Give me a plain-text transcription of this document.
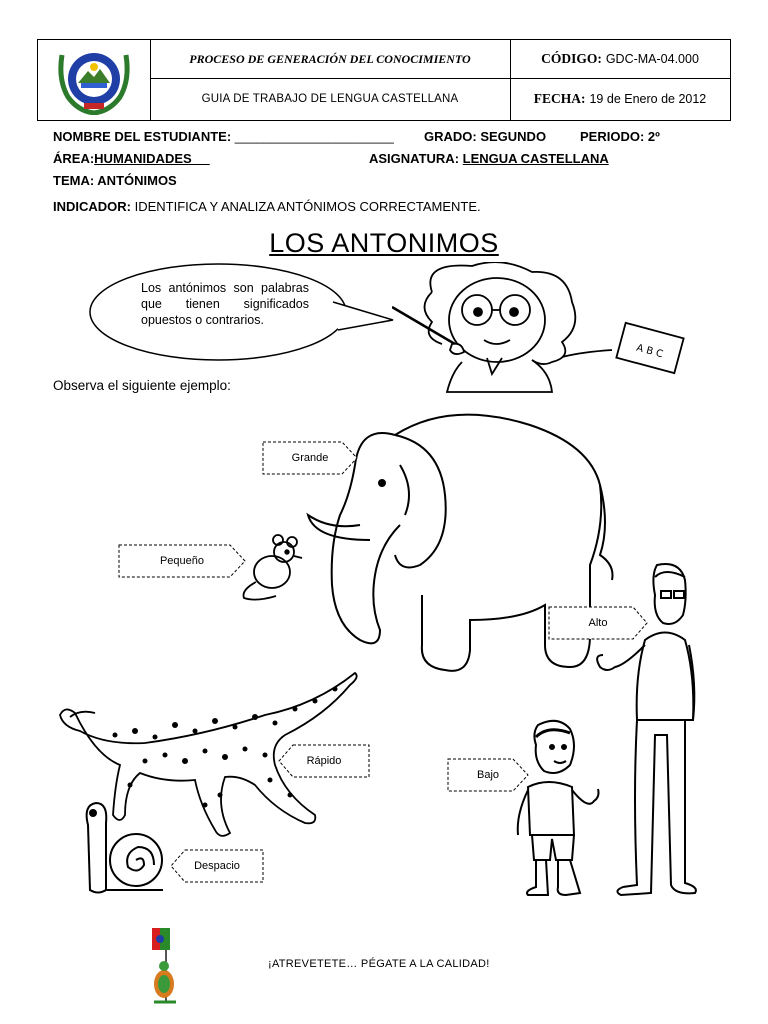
PROCESO DE GENERACIÓN DEL CONOCIMIENTO
GUIA DE TRABAJO DE LENGUA CASTELLANA
CÓDIGO: GDC-MA-04.000
FECHA: 19 de Enero de 2012
NOMBRE DEL ESTUDIANTE: ______________________ GRADO: SEGUNDO	PERIODO: 2º
ÁREA:HUMANIDADES	ASIGNATURA: LENGUA CASTELLANA
TEMA: ANTÓNIMOS
INDICADOR: IDENTIFICA Y ANALIZA ANTÓNIMOS CORRECTAMENTE.
LOS ANTONIMOS
Los antónimos son palabras que tienen significados opuestos o contrarios.
A B C
Observa el siguiente ejemplo:
Grande
Pequeño
Alto
Rápido
Bajo
Despacio
¡ATREVETETE… PÉGATE A LA CALIDAD!
